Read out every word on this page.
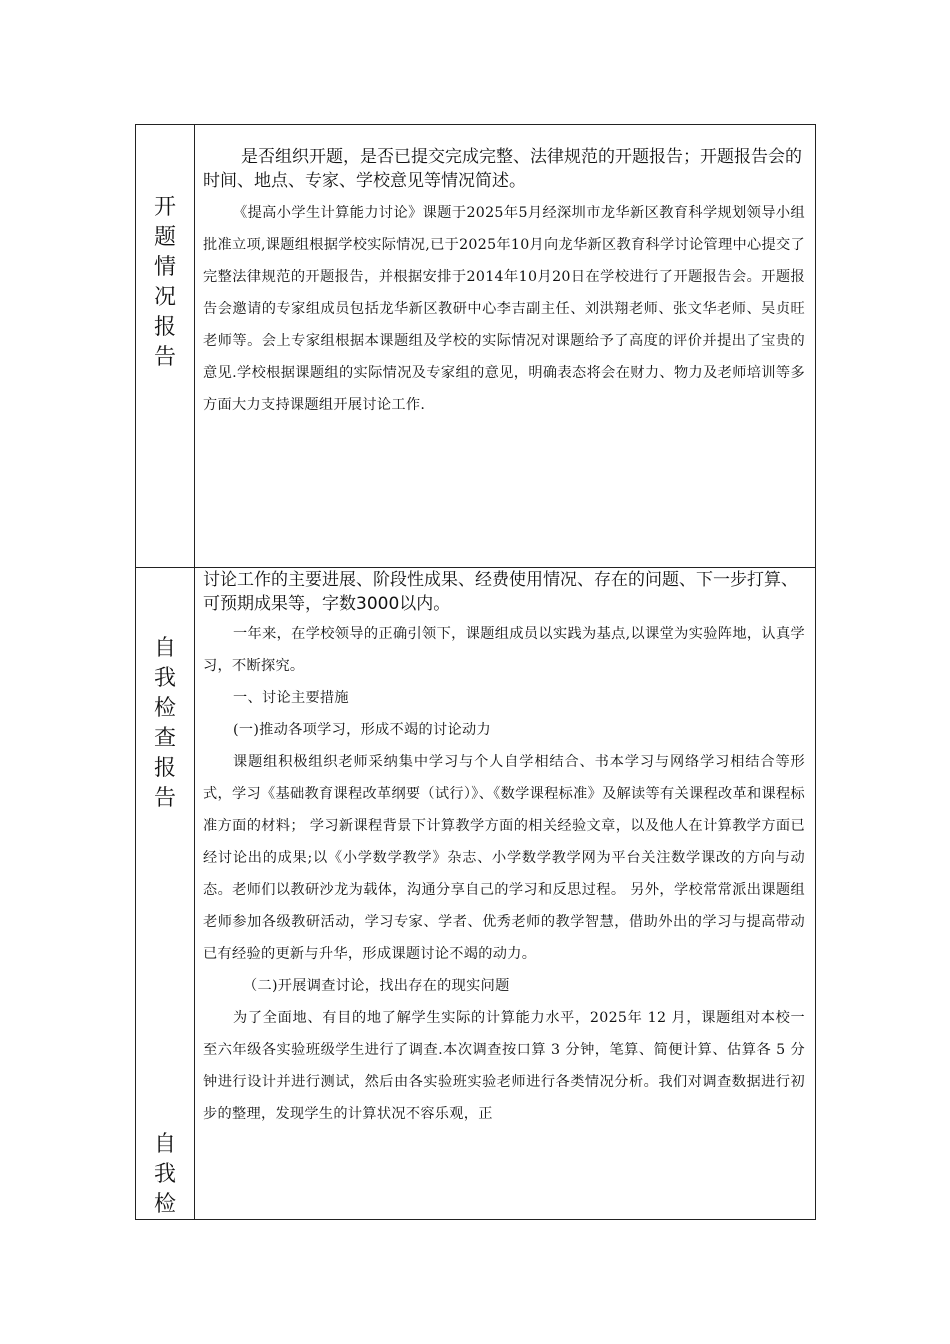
开
题
情
况
报
告

是否组织开题，是否已提交完成完整、法律规范的开题报告；开题报告会的时间、地点、专家、学校意见等情况简述。

《提高小学生计算能力讨论》课题于2025年5月经深圳市龙华新区教育科学规划领导小组批准立项,课题组根据学校实际情况,已于2025年10月向龙华新区教育科学讨论管理中心提交了完整法律规范的开题报告，并根据安排于2014年10月20日在学校进行了开题报告会。开题报告会邀请的专家组成员包括龙华新区教研中心李吉副主任、刘洪翔老师、张文华老师、吴贞旺老师等。会上专家组根据本课题组及学校的实际情况对课题给予了高度的评价并提出了宝贵的意见.学校根据课题组的实际情况及专家组的意见，明确表态将会在财力、物力及老师培训等多方面大力支持课题组开展讨论工作.

自
我
检
查
报
告
自
我
检

讨论工作的主要进展、阶段性成果、经费使用情况、存在的问题、下一步打算、可预期成果等，字数3000以内。

一年来，在学校领导的正确引领下，课题组成员以实践为基点,以课堂为实验阵地，认真学习，不断探究。

一、讨论主要措施

(一)推动各项学习，形成不竭的讨论动力

课题组积极组织老师采纳集中学习与个人自学相结合、书本学习与网络学习相结合等形式，学习《基础教育课程改革纲要（试行）》、《数学课程标准》及解读等有关课程改革和课程标准方面的材料； 学习新课程背景下计算教学方面的相关经验文章，以及他人在计算教学方面已经讨论出的成果;以《小学数学教学》杂志、小学数学教学网为平台关注数学课改的方向与动态。老师们以教研沙龙为载体，沟通分享自己的学习和反思过程。 另外，学校常常派出课题组老师参加各级教研活动，学习专家、学者、优秀老师的教学智慧，借助外出的学习与提高带动已有经验的更新与升华，形成课题讨论不竭的动力。

（二)开展调查讨论，找出存在的现实问题

为了全面地、有目的地了解学生实际的计算能力水平，2025年 12 月，课题组对本校一至六年级各实验班级学生进行了调查.本次调查按口算 3 分钟，笔算、简便计算、估算各 5 分钟进行设计并进行测试，然后由各实验班实验老师进行各类情况分析。我们对调查数据进行初步的整理，发现学生的计算状况不容乐观，正
